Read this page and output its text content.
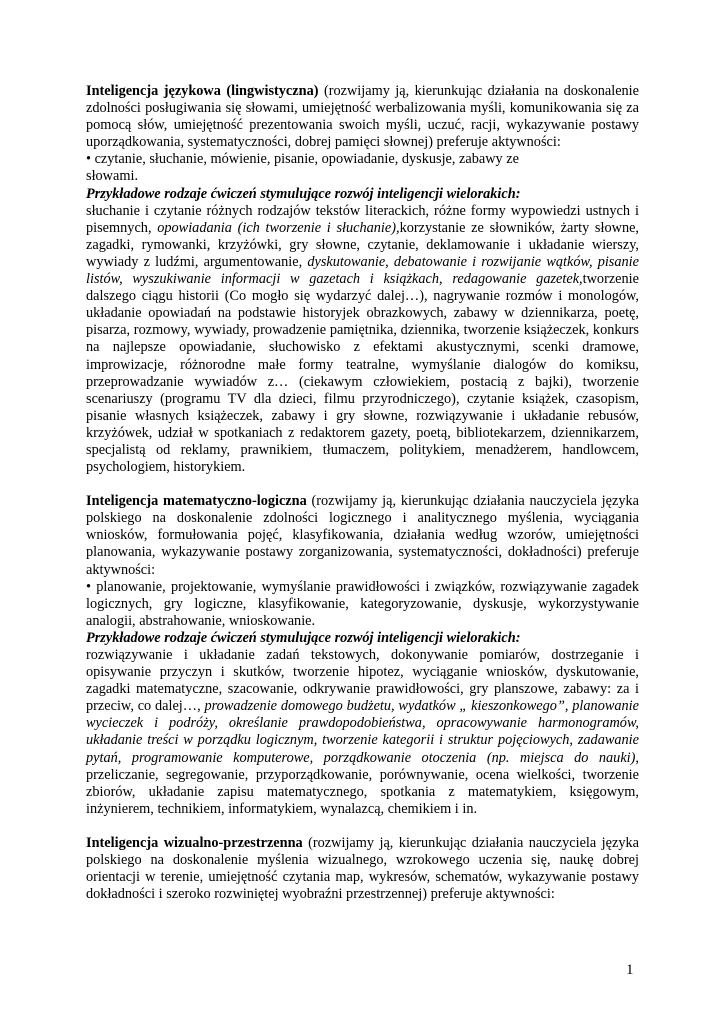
Inteligencja językowa (lingwistyczna) (rozwijamy ją, kierunkując działania na doskonalenie zdolności posługiwania się słowami, umiejętność werbalizowania myśli, komunikowania się za pomocą słów, umiejętność prezentowania swoich myśli, uczuć, racji, wykazywanie postawy uporządkowania, systematyczności, dobrej pamięci słownej) preferuje aktywności:

• czytanie, słuchanie, mówienie, pisanie, opowiadanie, dyskusje, zabawy ze słowami.

Przykładowe rodzaje ćwiczeń stymulujące rozwój inteligencji wielorakich:

słuchanie i czytanie różnych rodzajów tekstów literackich, różne formy wypowiedzi ustnych i pisemnych, opowiadania (ich tworzenie i słuchanie),korzystanie ze słowników, żarty słowne, zagadki, rymowanki, krzyżówki, gry słowne, czytanie, deklamowanie i układanie wierszy, wywiady z ludźmi, argumentowanie, dyskutowanie, debatowanie i rozwijanie wątków, pisanie listów, wyszukiwanie informacji w gazetach i książkach, redagowanie gazetek,tworzenie dalszego ciągu historii (Co mogło się wydarzyć dalej…), nagrywanie rozmów i monologów, układanie opowiadań na podstawie historyjek obrazkowych, zabawy w dziennikarza, poetę, pisarza, rozmowy, wywiady, prowadzenie pamiętnika, dziennika, tworzenie książeczek, konkurs na najlepsze opowiadanie, słuchowisko z efektami akustycznymi, scenki dramowe, improwizacje, różnorodne małe formy teatralne, wymyślanie dialogów do komiksu, przeprowadzanie wywiadów z… (ciekawym człowiekiem, postacią z bajki), tworzenie scenariuszy (programu TV dla dzieci, filmu przyrodniczego), czytanie książek, czasopism, pisanie własnych książeczek, zabawy i gry słowne, rozwiązywanie i układanie rebusów, krzyżówek, udział w spotkaniach z redaktorem gazety, poetą, bibliotekarzem, dziennikarzem, specjalistą od reklamy, prawnikiem, tłumaczem, politykiem, menadżerem, handlowcem, psychologiem, historykiem.

Inteligencja matematyczno-logiczna (rozwijamy ją, kierunkując działania nauczyciela języka polskiego na doskonalenie zdolności logicznego i analitycznego myślenia, wyciągania wniosków, formułowania pojęć, klasyfikowania, działania według wzorów, umiejętności planowania, wykazywanie postawy zorganizowania, systematyczności, dokładności) preferuje aktywności:

• planowanie, projektowanie, wymyślanie prawidłowości i związków, rozwiązywanie zagadek logicznych, gry logiczne, klasyfikowanie, kategoryzowanie, dyskusje, wykorzystywanie analogii, abstrahowanie, wnioskowanie.

Przykładowe rodzaje ćwiczeń stymulujące rozwój inteligencji wielorakich:

rozwiązywanie i układanie zadań tekstowych, dokonywanie pomiarów, dostrzeganie i opisywanie przyczyn i skutków, tworzenie hipotez, wyciąganie wniosków, dyskutowanie, zagadki matematyczne, szacowanie, odkrywanie prawidłowości, gry planszowe, zabawy: za i przeciw, co dalej…, prowadzenie domowego budżetu, wydatków „ kieszonkowego”, planowanie wycieczek i podróży, określanie prawdopodobieństwa, opracowywanie harmonogramów, układanie treści w porządku logicznym, tworzenie kategorii i struktur pojęciowych, zadawanie pytań, programowanie komputerowe, porządkowanie otoczenia (np. miejsca do nauki), przeliczanie, segregowanie, przyporządkowanie, porównywanie, ocena wielkości, tworzenie zbiorów, układanie zapisu matematycznego, spotkania z matematykiem, księgowym, inżynierem, technikiem, informatykiem, wynalazcą, chemikiem i in.

Inteligencja wizualno-przestrzenna (rozwijamy ją, kierunkując działania nauczyciela języka polskiego na doskonalenie myślenia wizualnego, wzrokowego uczenia się, naukę dobrej orientacji w terenie, umiejętność czytania map, wykresów, schematów, wykazywanie postawy dokładności i szeroko rozwiniętej wyobraźni przestrzennej) preferuje aktywności:

1
